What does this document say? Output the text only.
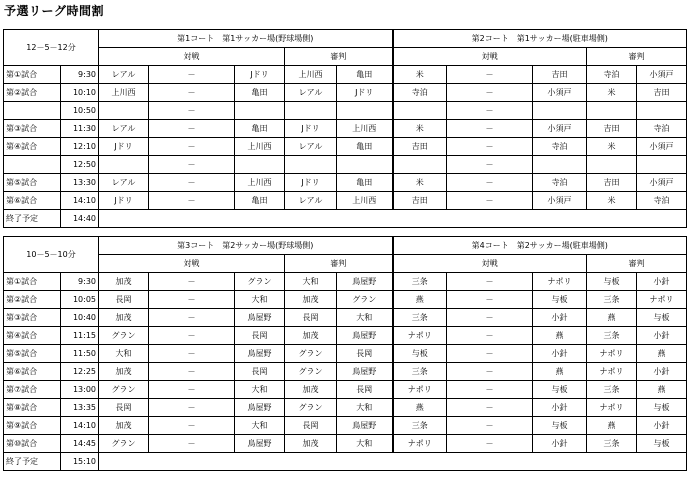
予選リーグ時間割
12－5－12分		第1コート　第1サッカー場(野球場側)					第2コート　第1サッカー場(駐車場側)				
		対戦			審判		対戦			審判	
第①試合	9:30	レアル	－	Jドリ	上川西	亀田	米	－	吉田	寺泊	小須戸
第②試合	10:10	上川西	－	亀田	レアル	Jドリ	寺泊	－	小須戸	米	吉田
	10:50		－					－			
第③試合	11:30	レアル	－	亀田	Jドリ	上川西	米	－	小須戸	吉田	寺泊
第④試合	12:10	Jドリ	－	上川西	レアル	亀田	吉田	－	寺泊	米	小須戸
	12:50		－					－			
第⑤試合	13:30	レアル	－	上川西	Jドリ	亀田	米	－	寺泊	吉田	小須戸
第⑥試合	14:10	Jドリ	－	亀田	レアル	上川西	吉田	－	小須戸	米	寺泊
終了予定	14:40										
10－5－10分		第3コート　第2サッカー場(野球場側)					第4コート　第2サッカー場(駐車場側)				
		対戦			審判		対戦			審判	
第①試合	9:30	加茂	－	グラン	大和	鳥屋野	三条	－	ナポリ	与板	小針
第②試合	10:05	長岡	－	大和	加茂	グラン	燕	－	与板	三条	ナポリ
第③試合	10:40	加茂	－	鳥屋野	長岡	大和	三条	－	小針	燕	与板
第④試合	11:15	グラン	－	長岡	加茂	鳥屋野	ナポリ	－	燕	三条	小針
第⑤試合	11:50	大和	－	鳥屋野	グラン	長岡	与板	－	小針	ナポリ	燕
第⑥試合	12:25	加茂	－	長岡	グラン	鳥屋野	三条	－	燕	ナポリ	小針
第⑦試合	13:00	グラン	－	大和	加茂	長岡	ナポリ	－	与板	三条	燕
第⑧試合	13:35	長岡	－	鳥屋野	グラン	大和	燕	－	小針	ナポリ	与板
第⑨試合	14:10	加茂	－	大和	長岡	鳥屋野	三条	－	与板	燕	小針
第⑩試合	14:45	グラン	－	鳥屋野	加茂	大和	ナポリ	－	小針	三条	与板
終了予定	15:10										
